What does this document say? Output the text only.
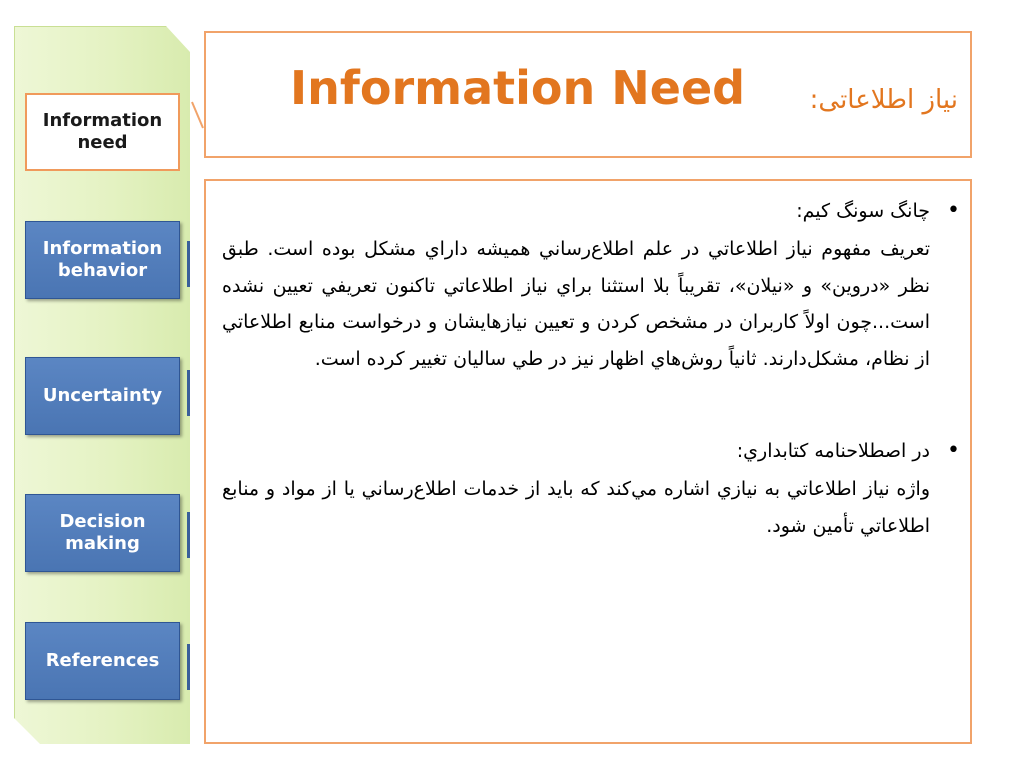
Information need
Information behavior
Uncertainty
Decision making
References
Information Need نياز اطلاعاتی:
•
چانگ سونگ کيم:
تعريف مفهوم نياز اطلاعاتي در علم اطلاع‌رساني هميشه داراي مشکل بوده است. طبق نظر «دروين» و «نيلان»، تقريباً بلا استثنا براي نياز اطلاعاتي تاکنون تعريفي تعيين نشده است...چون اولاً کاربران در مشخص کردن و تعيين نيازهايشان و درخواست منابع اطلاعاتي از نظام، مشکل‌دارند. ثانياً روش‌هاي اظهار نيز در طي ساليان تغيير کرده است.
•
در اصطلاحنامه کتابداري:
واژه نياز اطلاعاتي به نيازي اشاره مي‌کند که بايد از خدمات اطلاع‌رساني يا از مواد و منابع اطلاعاتي تأمين شود.
